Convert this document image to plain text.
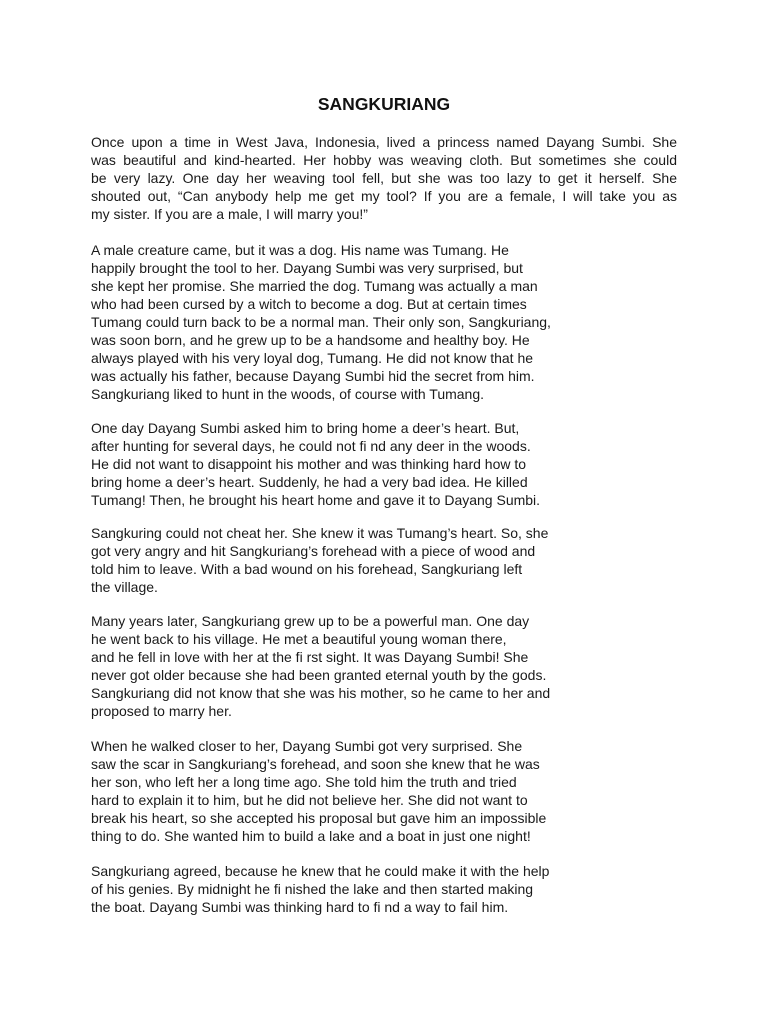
SANGKURIANG
Once upon a time in West Java, Indonesia, lived a princess named Dayang Sumbi. She
was beautiful and kind-hearted. Her hobby was weaving cloth. But sometimes she could
be very lazy. One day her weaving tool fell, but she was too lazy to get it herself. She
shouted out, “Can anybody help me get my tool? If you are a female, I will take you as
my sister. If you are a male, I will marry you!”
A male creature came, but it was a dog. His name was Tumang. He
happily brought the tool to her. Dayang Sumbi was very surprised, but
she kept her promise. She married the dog. Tumang was actually a man
who had been cursed by a witch to become a dog. But at certain times
Tumang could turn back to be a normal man. Their only son, Sangkuriang,
was soon born, and he grew up to be a handsome and healthy boy. He
always played with his very loyal dog, Tumang. He did not know that he
was actually his father, because Dayang Sumbi hid the secret from him.
Sangkuriang liked to hunt in the woods, of course with Tumang.
One day Dayang Sumbi asked him to bring home a deer’s heart. But,
after hunting for several days, he could not fi nd any deer in the woods.
He did not want to disappoint his mother and was thinking hard how to
bring home a deer’s heart. Suddenly, he had a very bad idea. He killed
Tumang! Then, he brought his heart home and gave it to Dayang Sumbi.
Sangkuring could not cheat her. She knew it was Tumang’s heart. So, she
got very angry and hit Sangkuriang’s forehead with a piece of wood and
told him to leave. With a bad wound on his forehead, Sangkuriang left
the village.
Many years later, Sangkuriang grew up to be a powerful man. One day
he went back to his village. He met a beautiful young woman there,
and he fell in love with her at the fi rst sight. It was Dayang Sumbi! She
never got older because she had been granted eternal youth by the gods.
Sangkuriang did not know that she was his mother, so he came to her and
proposed to marry her.
When he walked closer to her, Dayang Sumbi got very surprised. She
saw the scar in Sangkuriang’s forehead, and soon she knew that he was
her son, who left her a long time ago. She told him the truth and tried
hard to explain it to him, but he did not believe her. She did not want to
break his heart, so she accepted his proposal but gave him an impossible
thing to do. She wanted him to build a lake and a boat in just one night!
Sangkuriang agreed, because he knew that he could make it with the help
of his genies. By midnight he fi nished the lake and then started making
the boat. Dayang Sumbi was thinking hard to fi nd a way to fail him.
